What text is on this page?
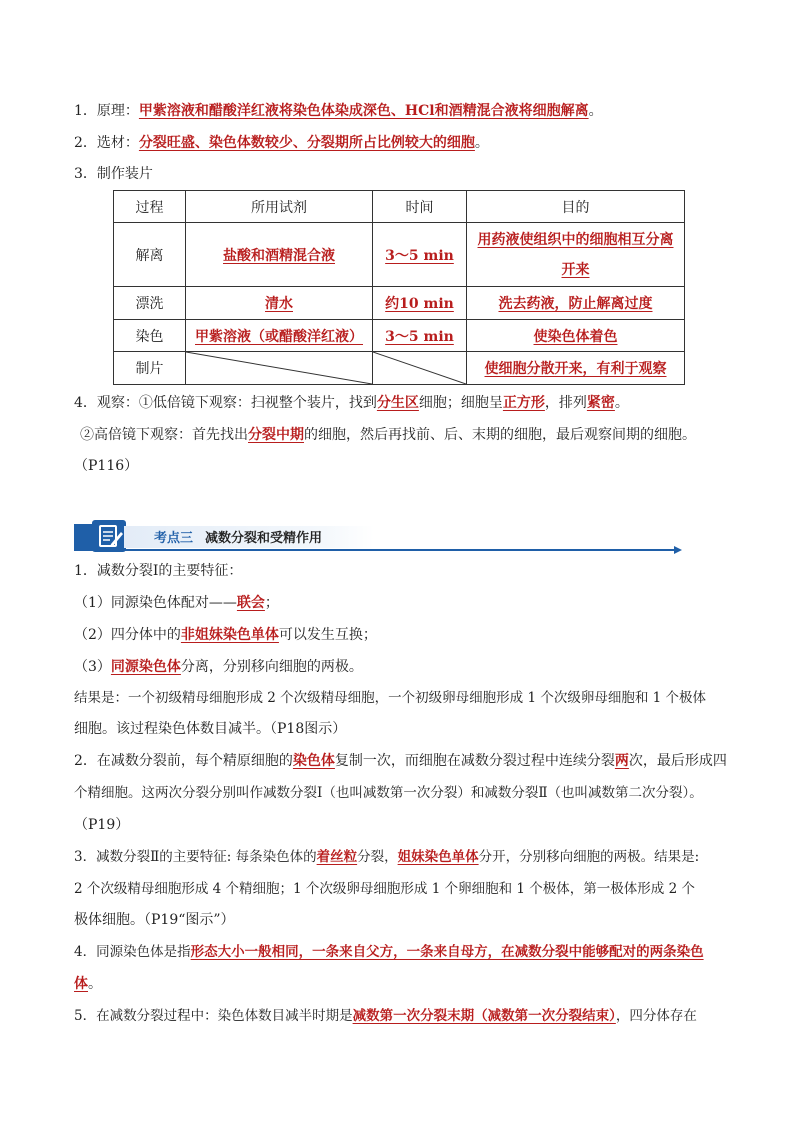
1．原理：甲紫溶液和醋酸洋红液将染色体染成深色、HCl和酒精混合液将细胞解离。
2．选材：分裂旺盛、染色体数较少、分裂期所占比例较大的细胞。
3．制作装片
过程	所用试剂	时间	目的
解离	盐酸和酒精混合液	3～5 min	用药液使组织中的细胞相互分离
开来
漂洗	清水	约10 min	洗去药液，防止解离过度
染色	甲紫溶液（或醋酸洋红液）	3～5 min	使染色体着色
制片			使细胞分散开来，有利于观察
4．观察：①低倍镜下观察：扫视整个装片，找到分生区细胞；细胞呈正方形，排列紧密。
②高倍镜下观察：首先找出分裂中期的细胞，然后再找前、后、末期的细胞，最后观察间期的细胞。
（P116）
考点三 减数分裂和受精作用
1．减数分裂Ⅰ的主要特征：
（1）同源染色体配对——联会；
（2）四分体中的非姐妹染色单体可以发生互换；
（3）同源染色体分离，分别移向细胞的两极。
结果是：一个初级精母细胞形成 2 个次级精母细胞，一个初级卵母细胞形成 1 个次级卵母细胞和 1 个极体
细胞。该过程染色体数目减半。（P18图示）
2．在减数分裂前，每个精原细胞的染色体复制一次，而细胞在减数分裂过程中连续分裂两次，最后形成四
个精细胞。这两次分裂分别叫作减数分裂Ⅰ（也叫减数第一次分裂）和减数分裂Ⅱ（也叫减数第二次分裂）。
（P19）
3．减数分裂Ⅱ的主要特征: 每条染色体的着丝粒分裂，姐妹染色单体分开，分别移向细胞的两极。结果是:
2 个次级精母细胞形成 4 个精细胞；1 个次级卵母细胞形成 1 个卵细胞和 1 个极体，第一极体形成 2 个
极体细胞。（P19“图示”）
4．同源染色体是指形态大小一般相同，一条来自父方，一条来自母方，在减数分裂中能够配对的两条染色
体。
5．在减数分裂过程中：染色体数目减半时期是减数第一次分裂末期（减数第一次分裂结束），四分体存在
